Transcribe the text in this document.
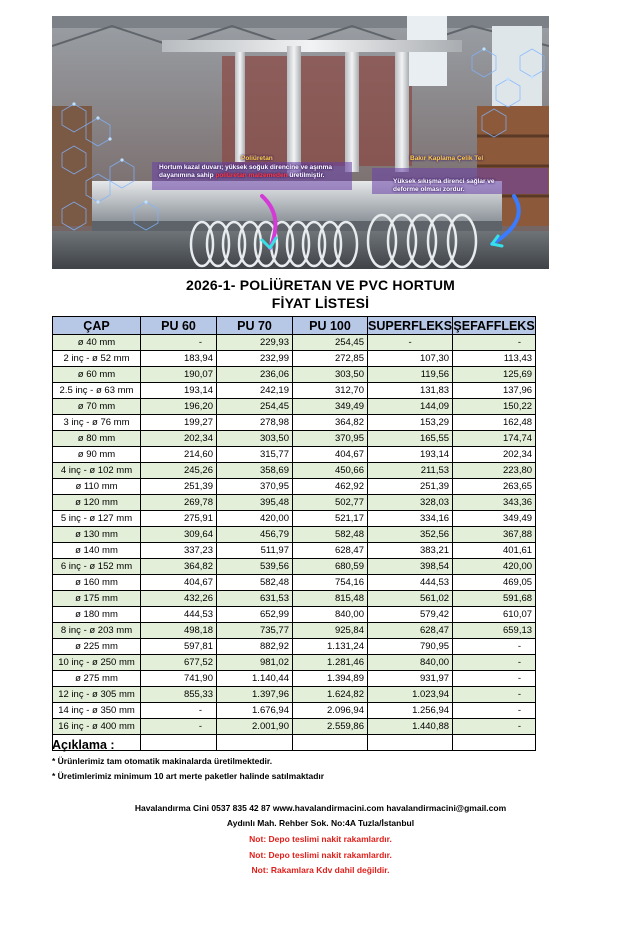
Poliüretan
Hortum kazal duvarı; yüksek soğuk direncine ve aşınma dayanımına sahip poliüretan malzemeden üretilmiştir.
Bakır Kaplama Çelik Tel
Yüksek sıkışma direnci sağlar ve deforme olması zordur.
2026-1- POLİÜRETAN VE PVC HORTUM
FİYAT LİSTESİ
ÇAP	PU 60	PU 70	PU 100	SUPERFLEKS	ŞEFAFFLEKS
ø 40 mm	-	229,93	254,45	-	-
2 inç - ø 52 mm	183,94	232,99	272,85	107,30	113,43
ø 60 mm	190,07	236,06	303,50	119,56	125,69
2.5 inç - ø 63 mm	193,14	242,19	312,70	131,83	137,96
ø 70 mm	196,20	254,45	349,49	144,09	150,22
3 inç - ø 76 mm	199,27	278,98	364,82	153,29	162,48
ø 80 mm	202,34	303,50	370,95	165,55	174,74
ø 90 mm	214,60	315,77	404,67	193,14	202,34
4 inç - ø 102 mm	245,26	358,69	450,66	211,53	223,80
ø 110 mm	251,39	370,95	462,92	251,39	263,65
ø 120 mm	269,78	395,48	502,77	328,03	343,36
5 inç - ø 127 mm	275,91	420,00	521,17	334,16	349,49
ø 130 mm	309,64	456,79	582,48	352,56	367,88
ø 140 mm	337,23	511,97	628,47	383,21	401,61
6 inç - ø 152 mm	364,82	539,56	680,59	398,54	420,00
ø 160 mm	404,67	582,48	754,16	444,53	469,05
ø 175 mm	432,26	631,53	815,48	561,02	591,68
ø 180 mm	444,53	652,99	840,00	579,42	610,07
8 inç - ø 203 mm	498,18	735,77	925,84	628,47	659,13
ø 225 mm	597,81	882,92	1.131,24	790,95	-
10 inç - ø 250 mm	677,52	981,02	1.281,46	840,00	-
ø 275 mm	741,90	1.140,44	1.394,89	931,97	-
12 inç - ø 305 mm	855,33	1.397,96	1.624,82	1.023,94	-
14 inç - ø 350 mm	-	1.676,94	2.096,94	1.256,94	-
16 inç - ø 400 mm	-	2.001,90	2.559,86	1.440,88	-

Açıklama :
* Ürünlerimiz tam otomatik makinalarda üretilmektedir.
* Üretimlerimiz minimum 10 art merte paketler halinde satılmaktadır
Havalandırma Cini 0537 835 42 87 www.havalandirmacini.com havalandirmacini@gmail.com
Aydınlı Mah. Rehber Sok. No:4A Tuzla/İstanbul
Not: Depo teslimi nakit rakamlardır.
Not: Depo teslimi nakit rakamlardır.
Not: Rakamlara Kdv dahil değildir.
